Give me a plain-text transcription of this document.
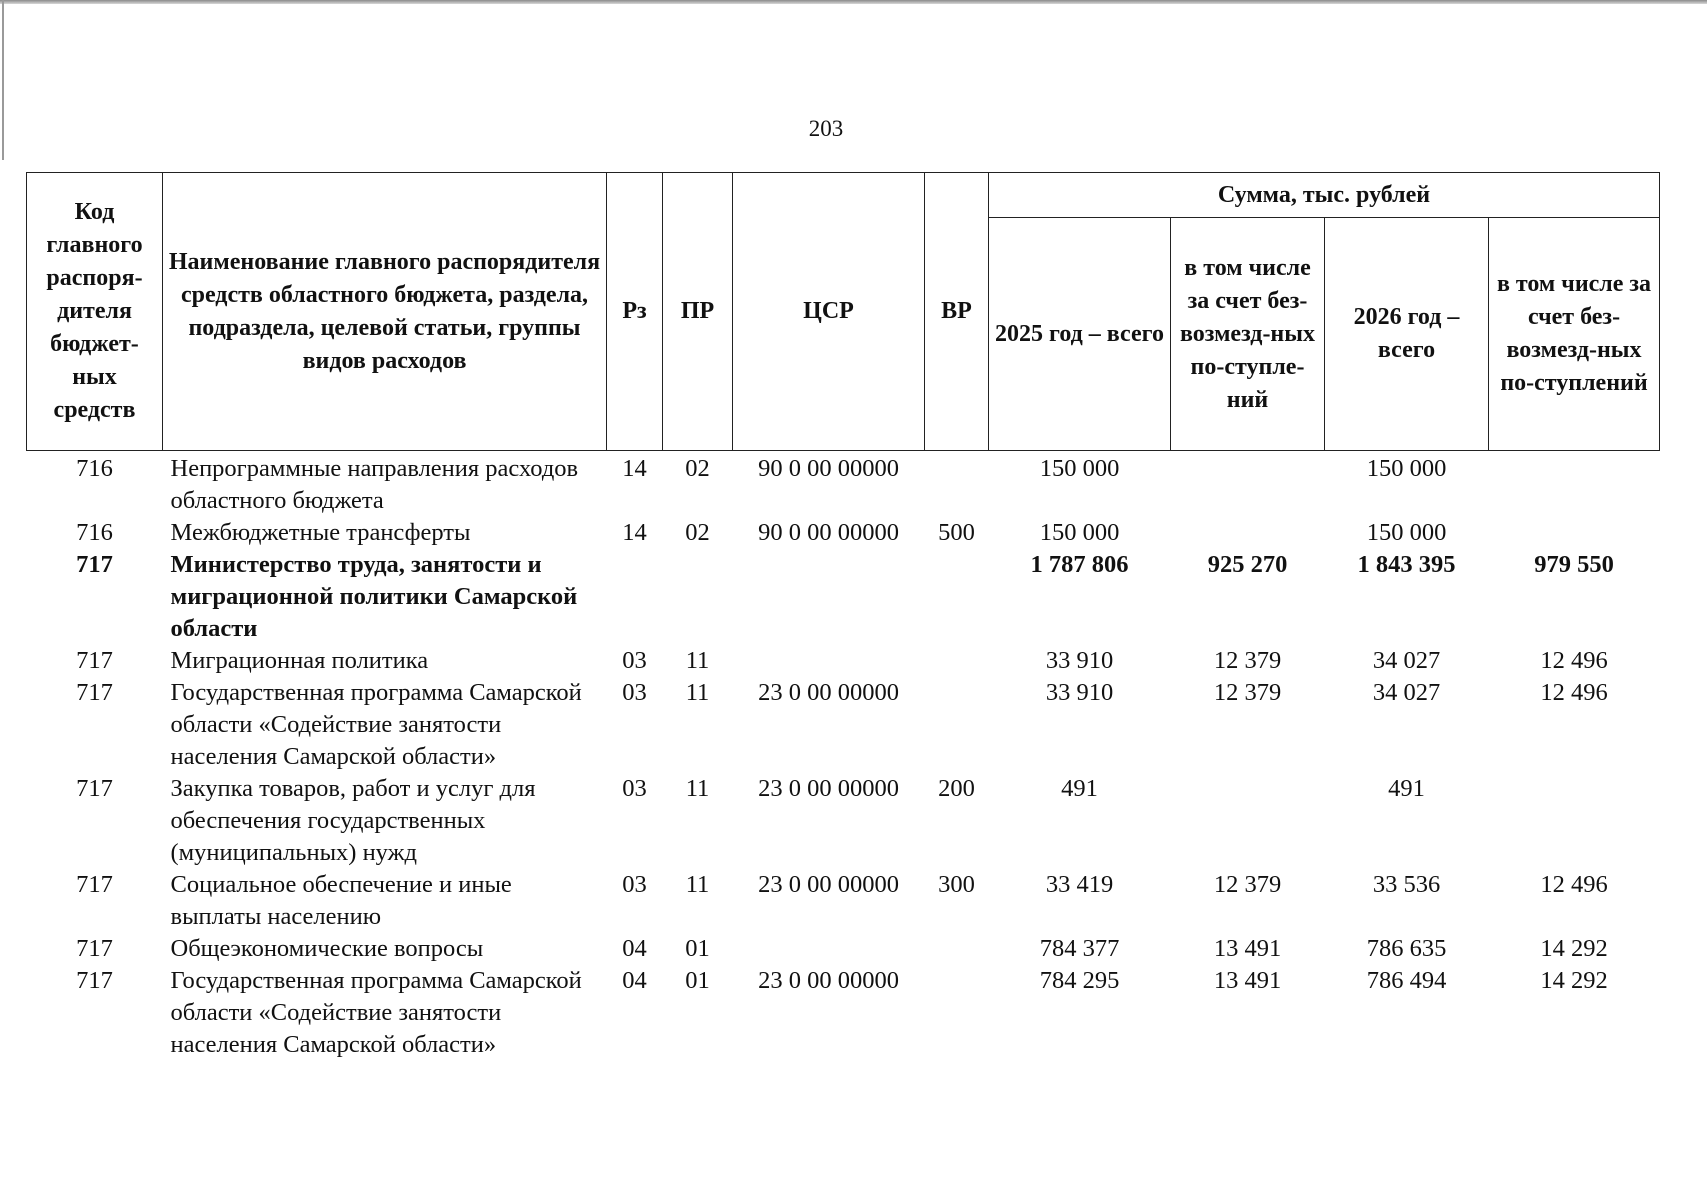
203
Код главного распоря-дителя бюджет-ных средств	Наименование главного распорядителя средств областного бюджета, раздела, подраздела, целевой статьи, группы видов расходов	Рз	ПР	ЦСР	ВР	Сумма, тыс. рублей			
						2025 год – всего	в том числе за счет без-возмезд-ных по-ступле-ний	2026 год – всего	в том числе за счет без-возмезд-ных по-ступлений
716	Непрограммные направления расходов областного бюджета	14	02	90 0 00 00000		150 000		150 000	
716	Межбюджетные трансферты	14	02	90 0 00 00000	500	150 000		150 000	
717	Министерство труда, занятости и миграционной политики Самарской области					1 787 806	925 270	1 843 395	979 550
717	Миграционная политика	03	11			33 910	12 379	34 027	12 496
717	Государственная программа Самарской области «Содействие занятости населения Самарской области»	03	11	23 0 00 00000		33 910	12 379	34 027	12 496
717	Закупка товаров, работ и услуг для обеспечения государственных (муниципальных) нужд	03	11	23 0 00 00000	200	491		491	
717	Социальное обеспечение и иные выплаты населению	03	11	23 0 00 00000	300	33 419	12 379	33 536	12 496
717	Общеэкономические вопросы	04	01			784 377	13 491	786 635	14 292
717	Государственная программа Самарской области «Содействие занятости населения Самарской области»	04	01	23 0 00 00000		784 295	13 491	786 494	14 292
